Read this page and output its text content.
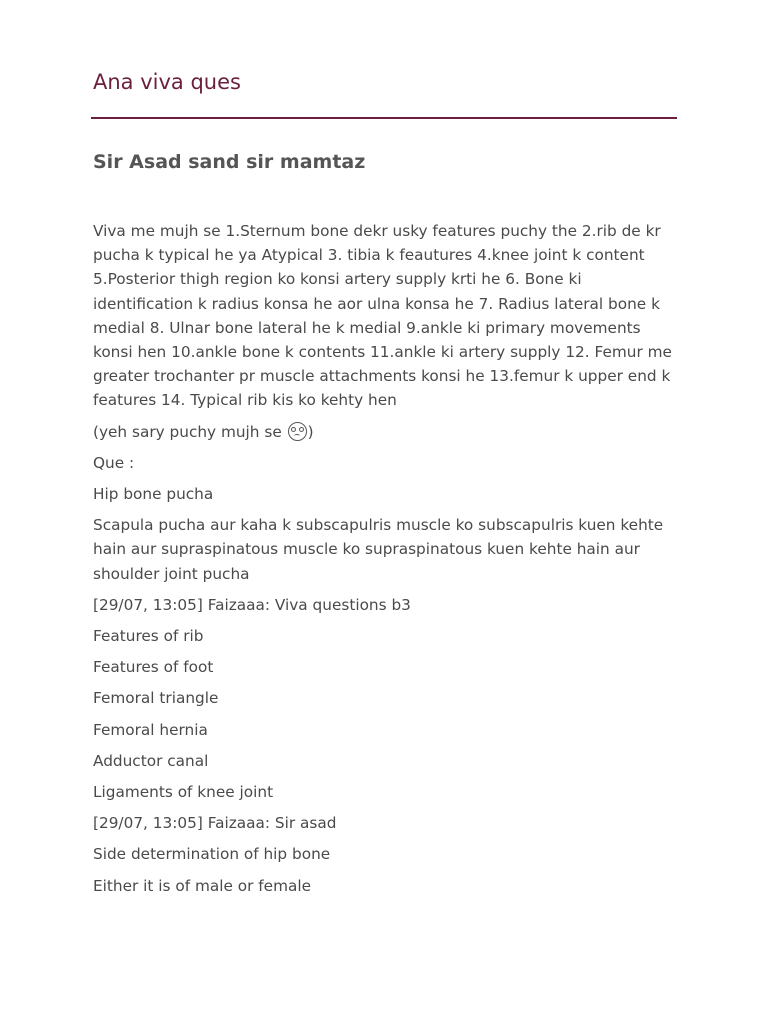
Ana viva ques
Sir Asad sand sir mamtaz

Viva me mujh se 1.Sternum bone dekr usky features puchy the 2.rib de kr pucha k typical he ya Atypical 3. tibia k feautures 4.knee joint k content 5.Posterior thigh region ko konsi artery supply krti he 6. Bone ki identification k radius konsa he aor ulna konsa he 7. Radius lateral bone k medial 8. Ulnar bone lateral he k medial 9.ankle ki primary movements konsi hen 10.ankle bone k contents 11.ankle ki artery supply 12. Femur me greater trochanter pr muscle attachments konsi he 13.femur k upper end k features 14. Typical rib kis ko kehty hen

(yeh sary puchy mujh se
)

Que :

Hip bone pucha

Scapula pucha aur kaha k subscapulris muscle ko subscapulris kuen kehte hain aur supraspinatous muscle ko supraspinatous kuen kehte hain aur shoulder joint pucha

[29/07, 13:05] Faizaaa: Viva questions b3

Features of rib

Features of foot

Femoral triangle

Femoral hernia

Adductor canal

Ligaments of knee joint

[29/07, 13:05] Faizaaa: Sir asad

Side determination of hip bone

Either it is of male or female
